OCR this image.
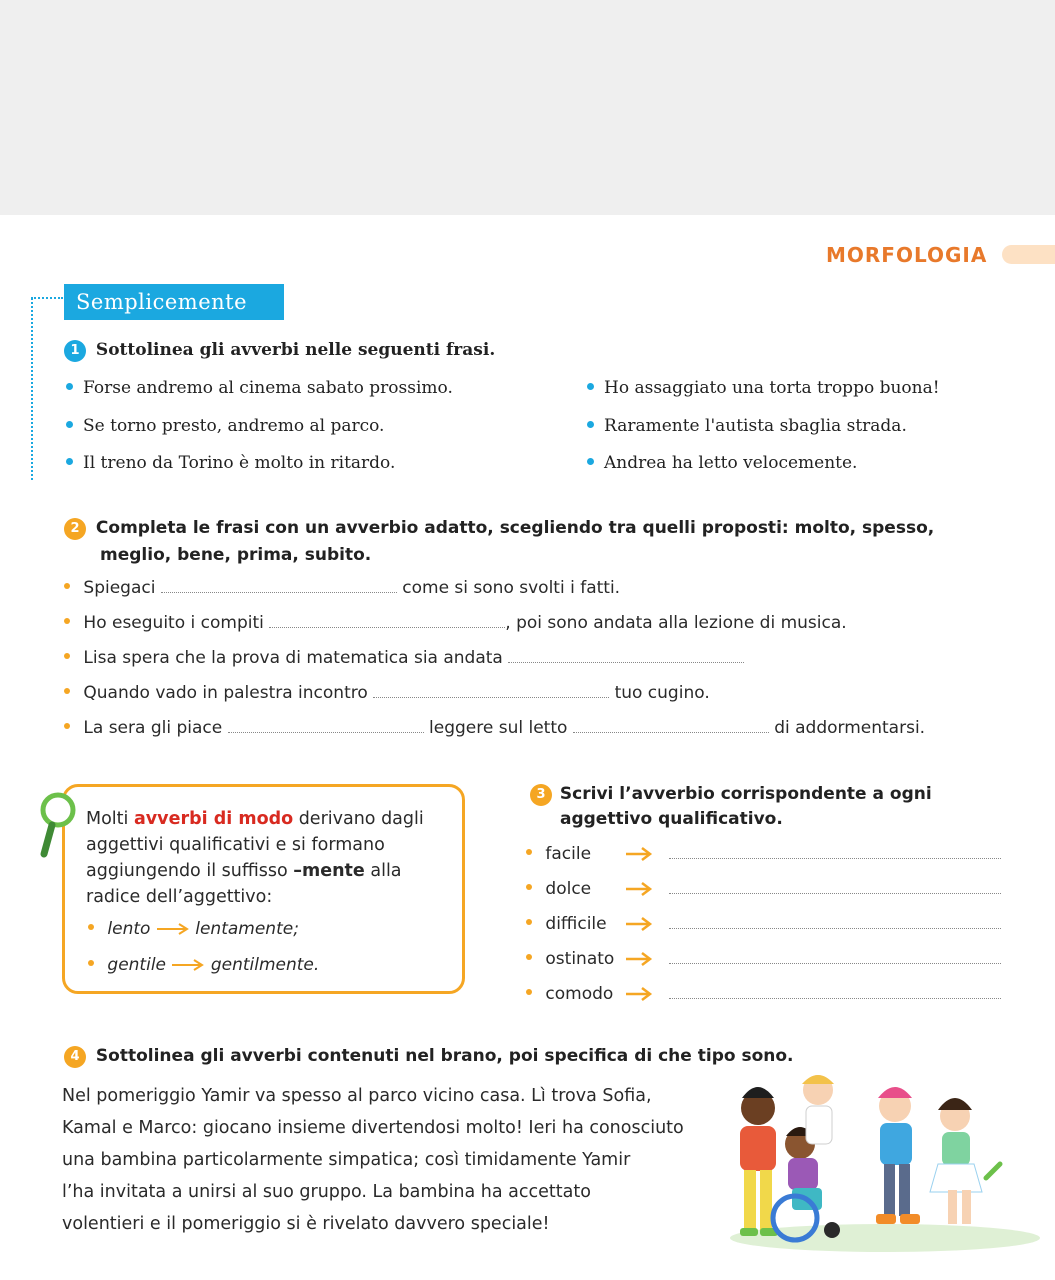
MORFOLOGIA
Semplicemente
1 Sottolinea gli avverbi nelle seguenti frasi.
Forse andremo al cinema sabato prossimo.
Se torno presto, andremo al parco.
Il treno da Torino è molto in ritardo.
Ho assaggiato una torta troppo buona!
Raramente l'autista sbaglia strada.
Andrea ha letto velocemente.
2 Completa le frasi con un avverbio adatto, scegliendo tra quelli proposti: molto, spesso,
meglio, bene, prima, subito.
Spiegaci	come si sono svolti i fatti.
Ho eseguito i compiti	, poi sono andata alla lezione di musica.
Lisa spera che la prova di matematica sia andata
Quando vado in palestra incontro	tuo cugino.
La sera gli piace	leggere sul letto	di addormentarsi.
Molti avverbi di modo derivano dagli
aggettivi qualificativi e si formano
aggiungendo il suffisso –mente alla
radice dell’aggettivo:
lento	lentamente;
gentile	gentilmente.
3 Scrivi l’avverbio corrispondente a ogni
aggettivo qualificativo.
facile
dolce
difficile
ostinato
comodo
4 Sottolinea gli avverbi contenuti nel brano, poi specifica di che tipo sono.
Nel pomeriggio Yamir va spesso al parco vicino casa. Lì trova Sofia,
Kamal e Marco: giocano insieme divertendosi molto! Ieri ha conosciuto
una bambina particolarmente simpatica; così timidamente Yamir
l’ha invitata a unirsi al suo gruppo. La bambina ha accettato
volentieri e il pomeriggio si è rivelato davvero speciale!
